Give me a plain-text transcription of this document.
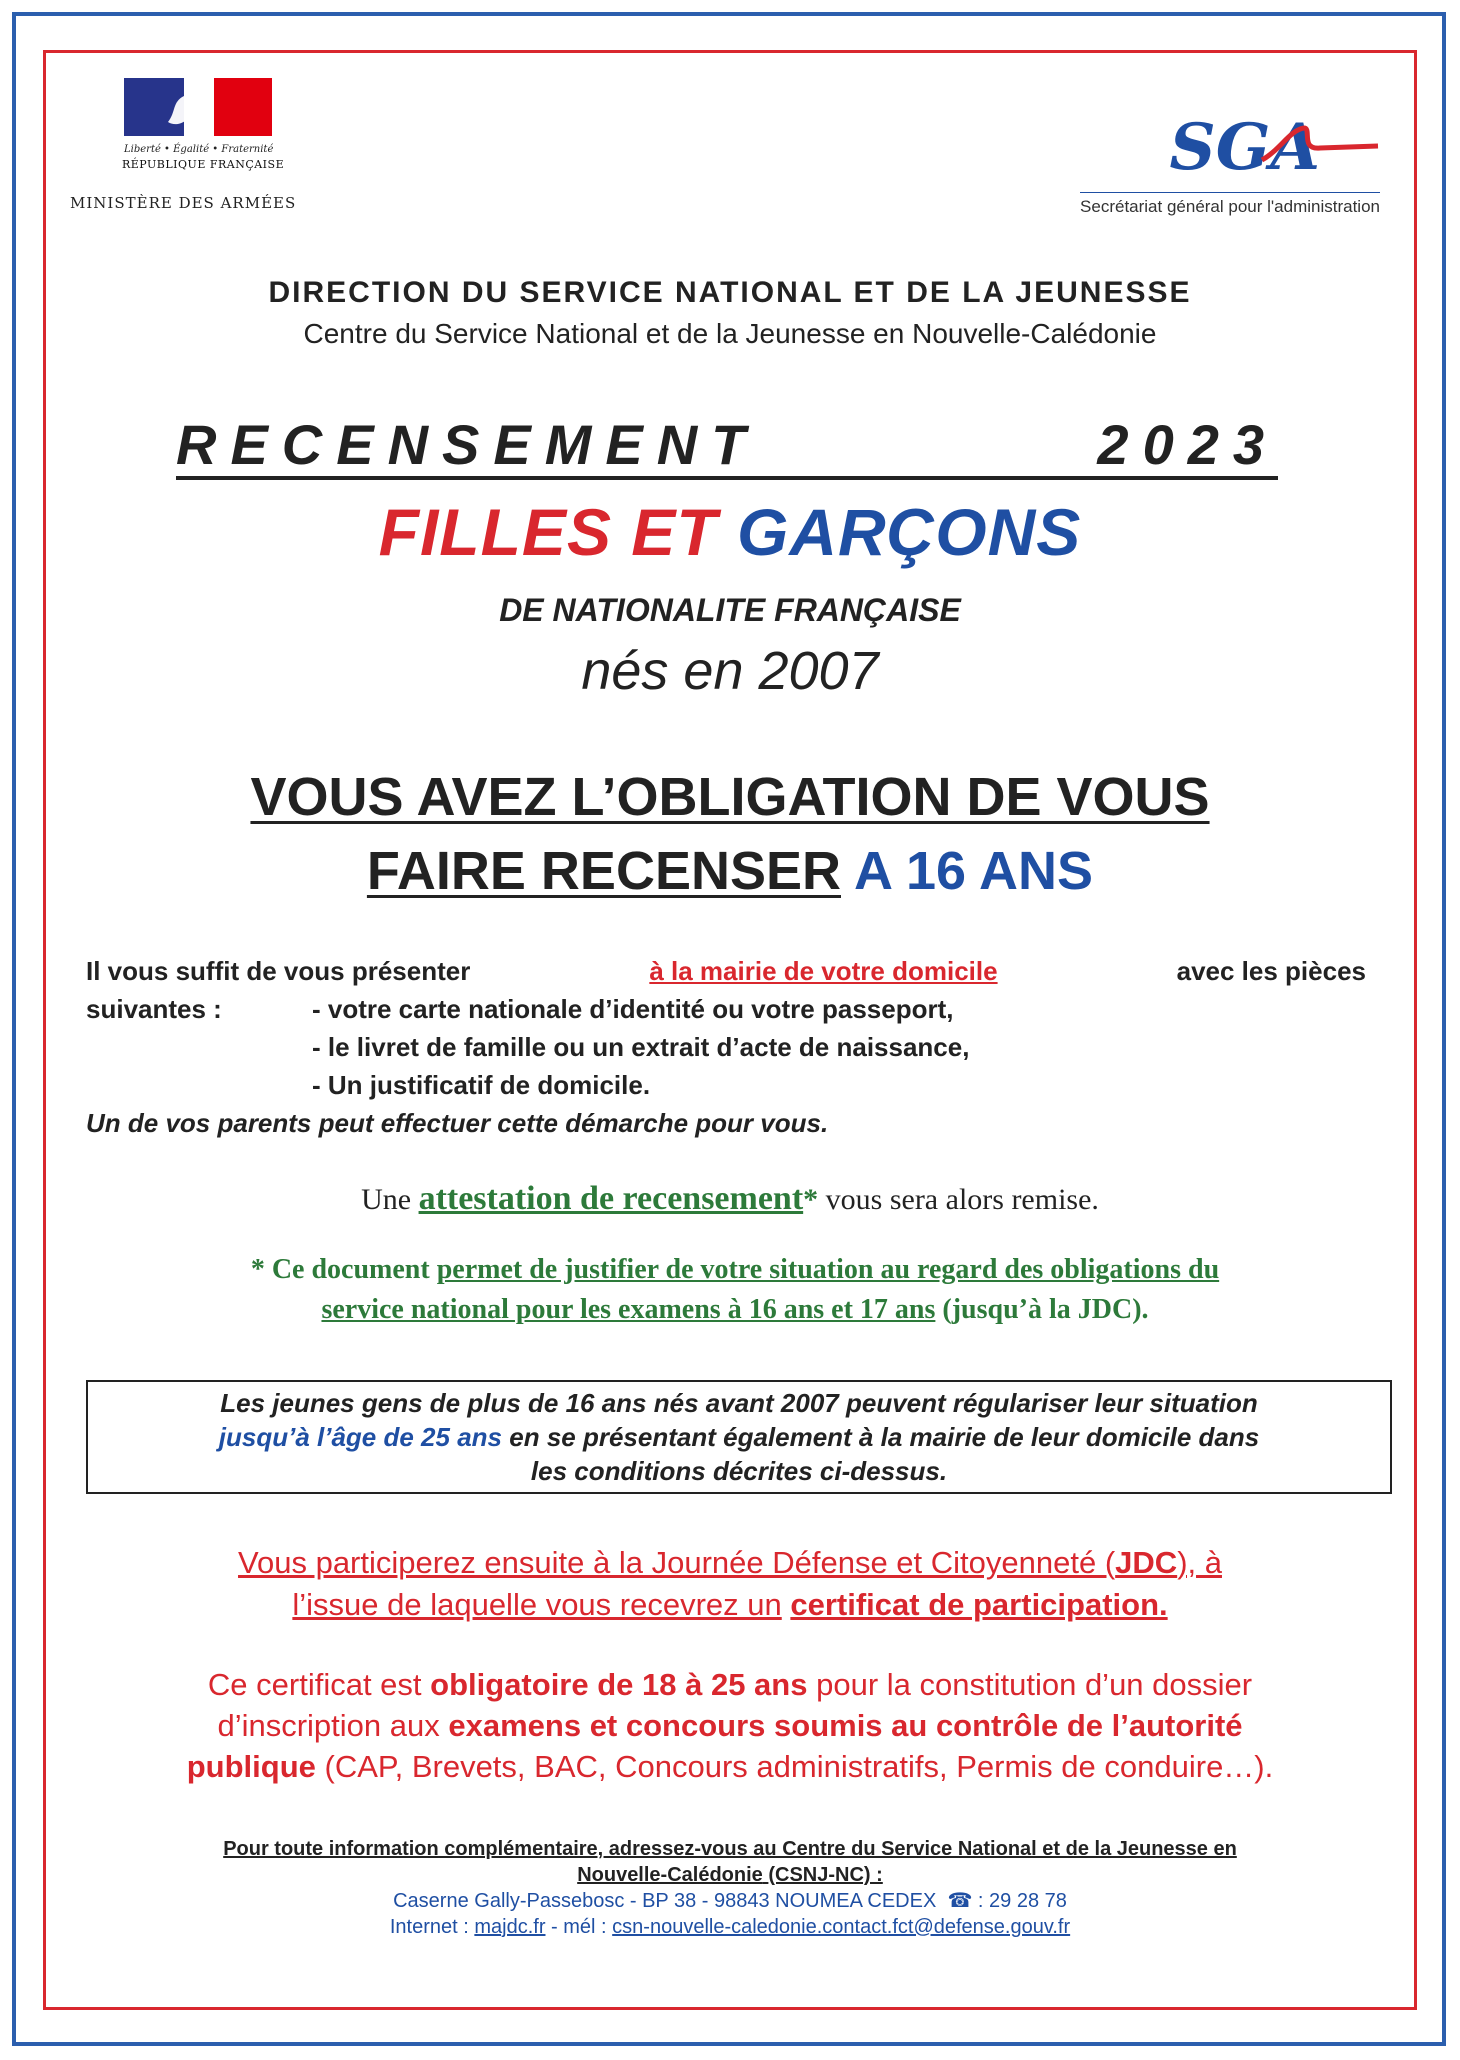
Liberté • Égalité • Fraternité
RÉPUBLIQUE FRANÇAISE
MINISTÈRE DES ARMÉES
SGA
Secrétariat général pour l'administration
DIRECTION DU SERVICE NATIONAL ET DE LA JEUNESSE
Centre du Service National et de la Jeunesse en Nouvelle-Calédonie
RECENSEMENT	2023
FILLES ET GARÇONS
DE NATIONALITE FRANÇAISE
nés en 2007
VOUS AVEZ L’OBLIGATION DE VOUS
FAIRE RECENSER A 16 ANS
Il vous suffit de vous présenter	à la mairie de votre domicile	avec les pièces
suivantes :	- votre carte nationale d’identité ou votre passeport,
- le livret de famille ou un extrait d’acte de naissance,
- Un justificatif de domicile.
Un de vos parents peut effectuer cette démarche pour vous.
Une attestation de recensement* vous sera alors remise.
* Ce document permet de justifier de votre situation au regard des obligations du
service national pour les examens à 16 ans et 17 ans (jusqu’à la JDC).
Les jeunes gens de plus de 16 ans nés avant 2007 peuvent régulariser leur situation
jusqu’à l’âge de 25 ans en se présentant également à la mairie de leur domicile dans
les conditions décrites ci-dessus.
Vous participerez ensuite à la Journée Défense et Citoyenneté (JDC), à
l’issue de laquelle vous recevrez un certificat de participation.
Ce certificat est obligatoire de 18 à 25 ans pour la constitution d’un dossier
d’inscription aux examens et concours soumis au contrôle de l’autorité
publique (CAP, Brevets, BAC, Concours administratifs, Permis de conduire…).
Pour toute information complémentaire, adressez-vous au Centre du Service National et de la Jeunesse en
Nouvelle-Calédonie (CSNJ-NC) :
Caserne Gally-Passebosc - BP 38 - 98843 NOUMEA CEDEX ☎ : 29 28 78
Internet : majdc.fr - mél : csn-nouvelle-caledonie.contact.fct@defense.gouv.fr
